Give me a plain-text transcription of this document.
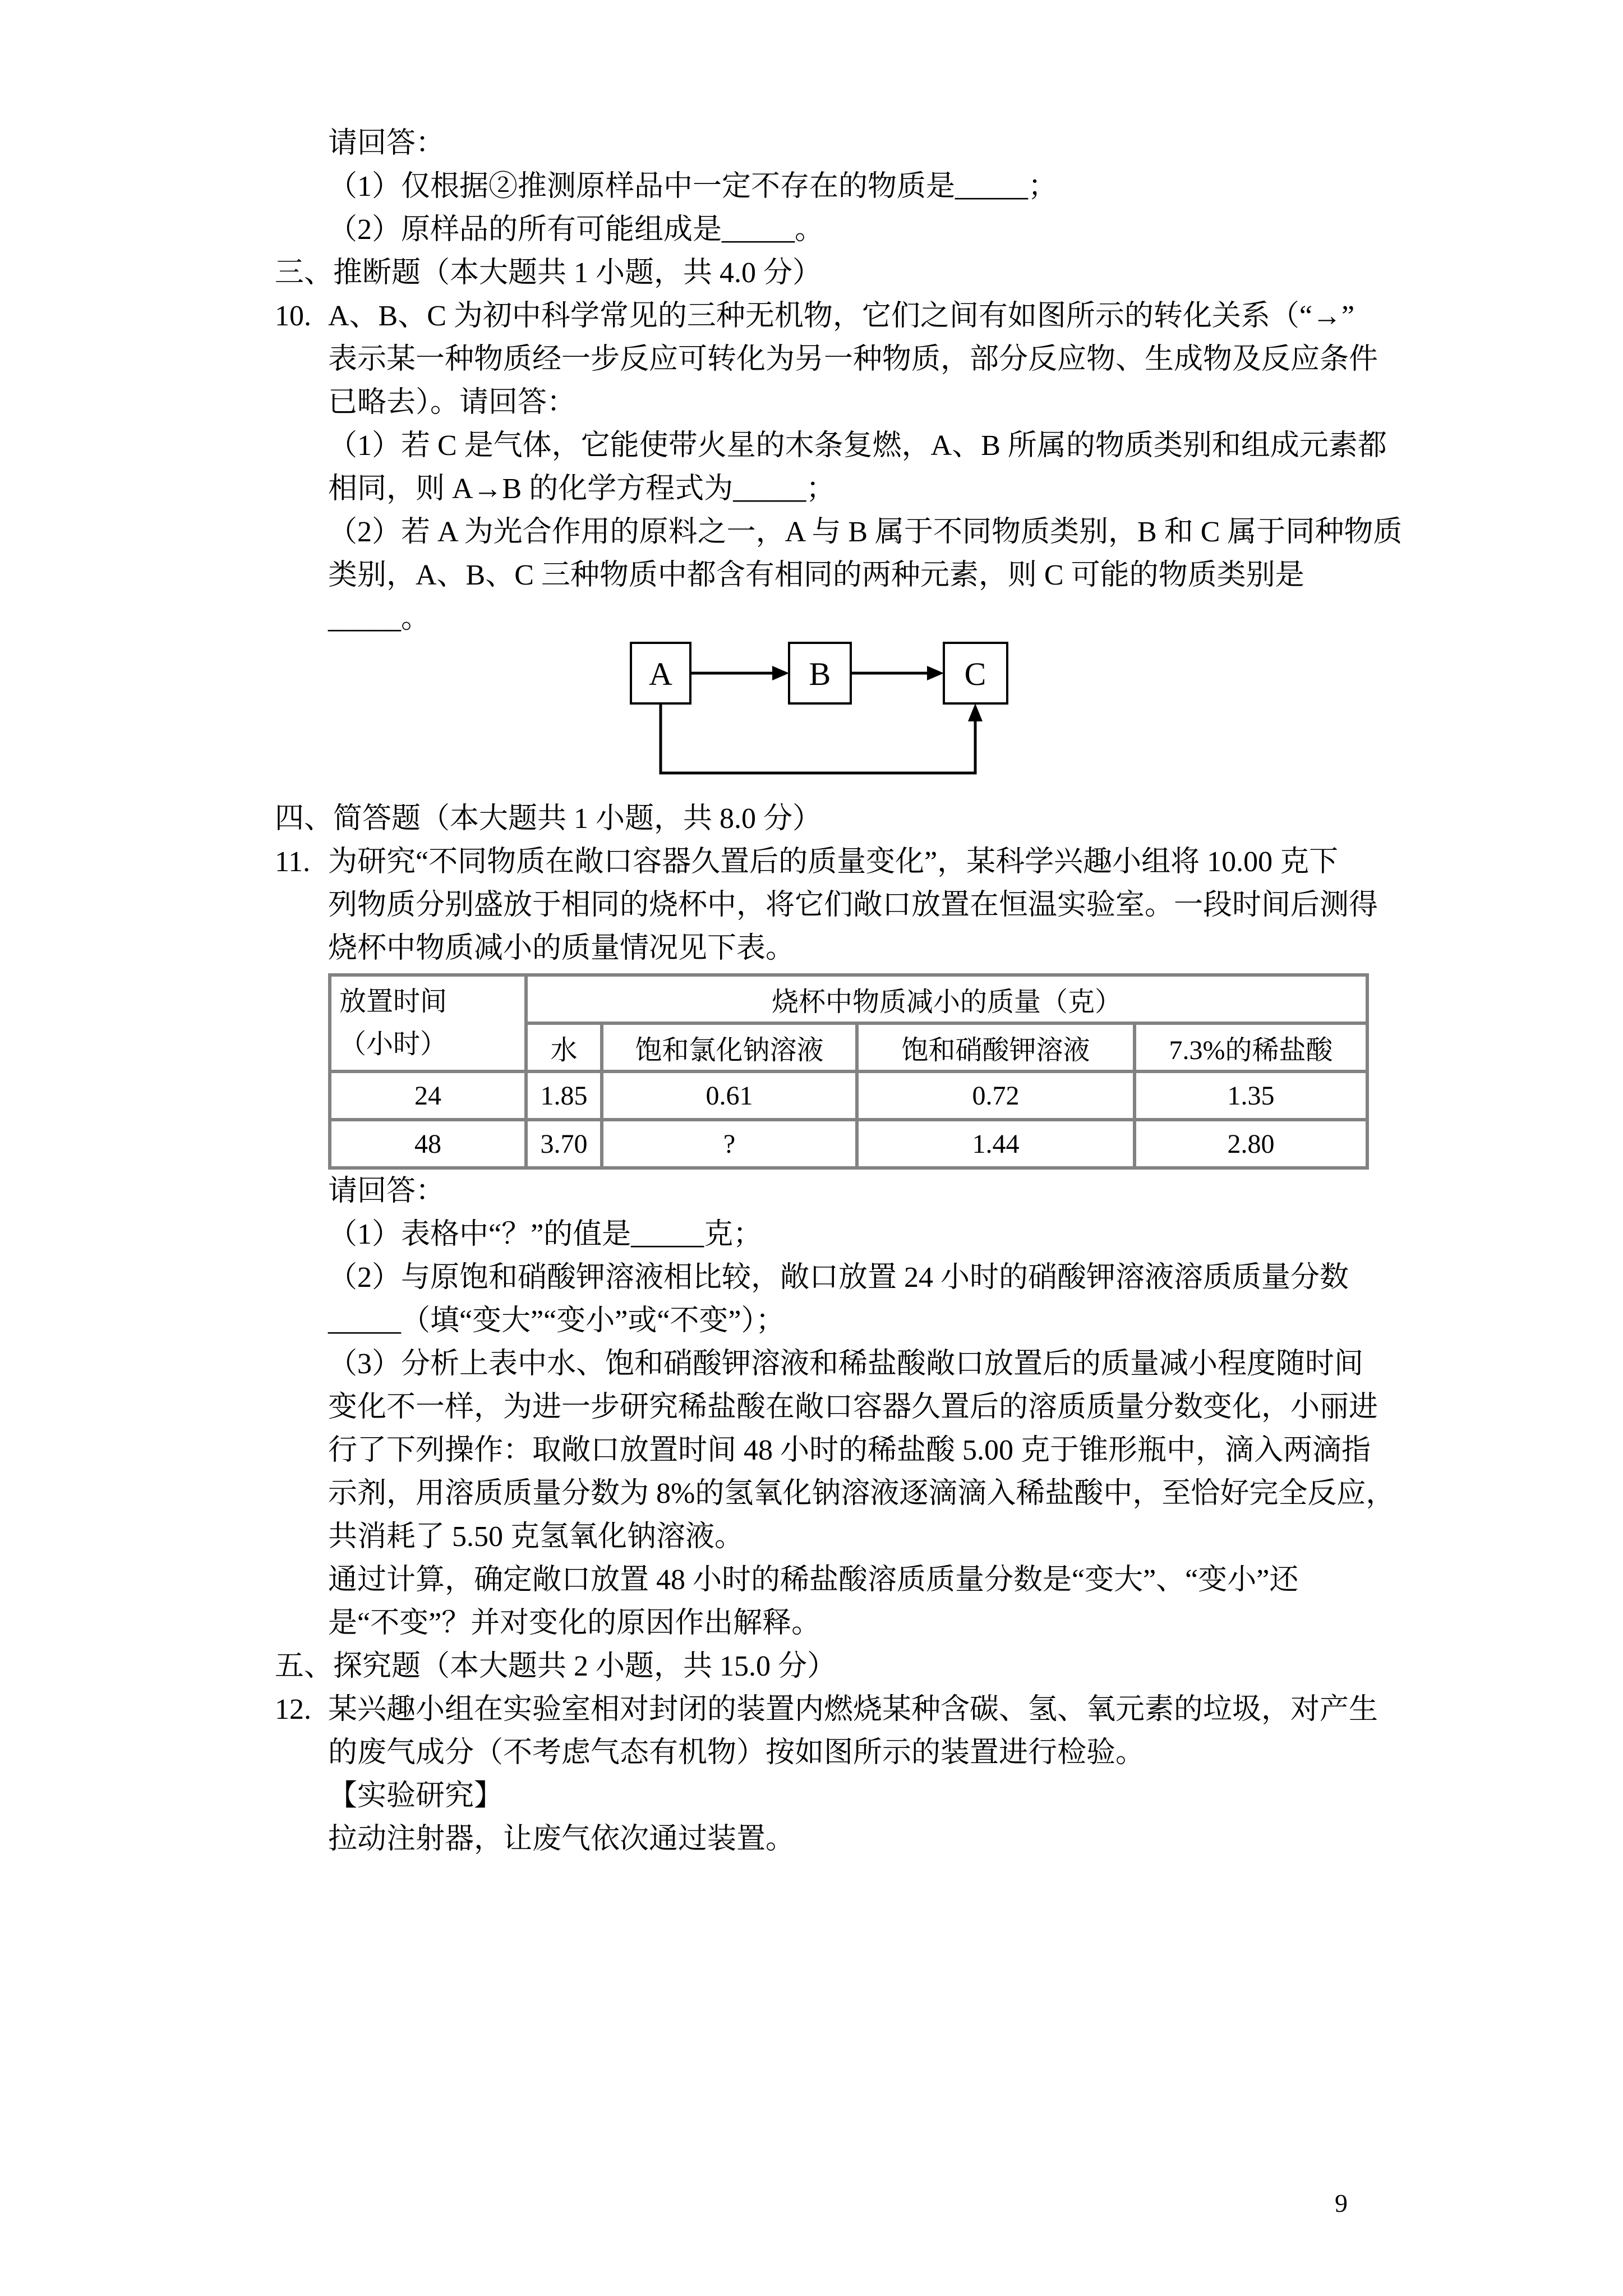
请回答：
（1）仅根据②推测原样品中一定不存在的物质是_____；
（2）原样品的所有可能组成是_____。
三、推断题（本大题共 1 小题，共 4.0 分）
10. A、B、C 为初中科学常见的三种无机物，它们之间有如图所示的转化关系（“→”
表示某一种物质经一步反应可转化为另一种物质，部分反应物、生成物及反应条件
已略去）。请回答：
（1）若 C 是气体，它能使带火星的木条复燃，A、B 所属的物质类别和组成元素都
相同，则 A→B 的化学方程式为_____；
（2）若 A 为光合作用的原料之一，A 与 B 属于不同物质类别，B 和 C 属于同种物质
类别，A、B、C 三种物质中都含有相同的两种元素，则 C 可能的物质类别是
_____。
A	B	C
四、简答题（本大题共 1 小题，共 8.0 分）
11. 为研究“不同物质在敞口容器久置后的质量变化”，某科学兴趣小组将 10.00 克下
列物质分别盛放于相同的烧杯中，将它们敞口放置在恒温实验室。一段时间后测得
烧杯中物质减小的质量情况见下表。
放置时间
（小时）	烧杯中物质减小的质量（克）			
	水	饱和氯化钠溶液	饱和硝酸钾溶液	7.3%的稀盐酸
24	1.85	0.61	0.72	1.35
48	3.70	?	1.44	2.80
请回答：
（1）表格中“？”的值是_____克；
（2）与原饱和硝酸钾溶液相比较，敞口放置 24 小时的硝酸钾溶液溶质质量分数
_____（填“变大”“变小”或“不变”）；
（3）分析上表中水、饱和硝酸钾溶液和稀盐酸敞口放置后的质量减小程度随时间
变化不一样，为进一步研究稀盐酸在敞口容器久置后的溶质质量分数变化，小丽进
行了下列操作：取敞口放置时间 48 小时的稀盐酸 5.00 克于锥形瓶中，滴入两滴指
示剂，用溶质质量分数为 8%的氢氧化钠溶液逐滴滴入稀盐酸中，至恰好完全反应，
共消耗了 5.50 克氢氧化钠溶液。
通过计算，确定敞口放置 48 小时的稀盐酸溶质质量分数是“变大”、“变小”还
是“不变”？并对变化的原因作出解释。
五、探究题（本大题共 2 小题，共 15.0 分）
12. 某兴趣小组在实验室相对封闭的装置内燃烧某种含碳、氢、氧元素的垃圾，对产生
的废气成分（不考虑气态有机物）按如图所示的装置进行检验。
【实验研究】
拉动注射器，让废气依次通过装置。
9
